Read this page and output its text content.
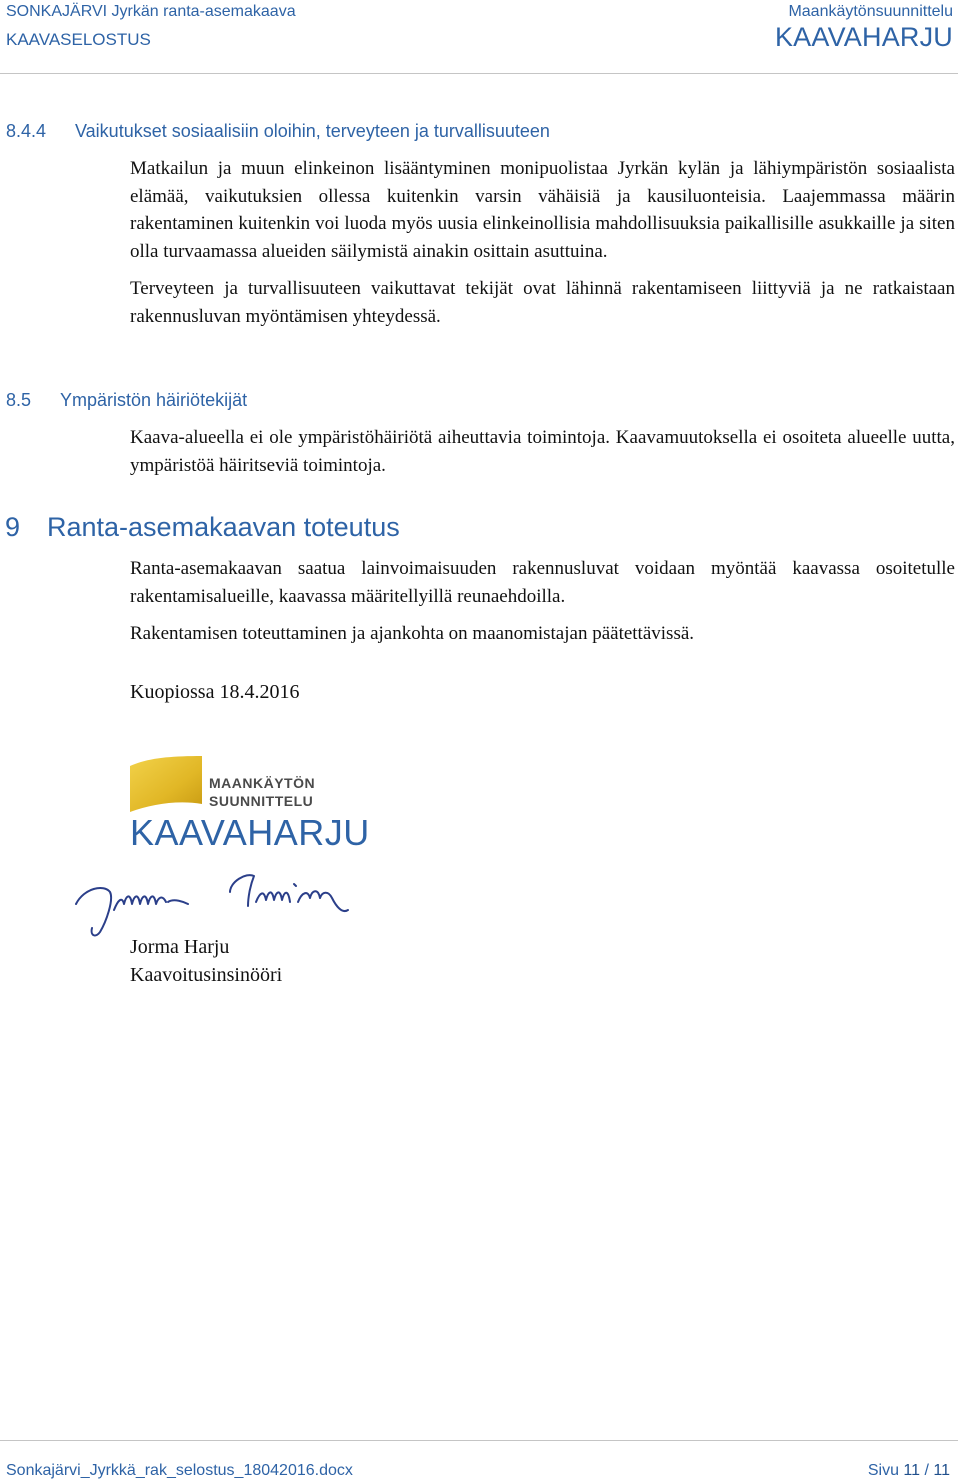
SONKAJÄRVI Jyrkän ranta-asemakaava
KAAVASELOSTUS
Maankäytönsuunnittelu
KAAVAHARJU
8.4.4 Vaikutukset sosiaalisiin oloihin, terveyteen ja turvallisuuteen

Matkailun ja muun elinkeinon lisääntyminen monipuolistaa Jyrkän kylän ja lähiympäristön sosiaalista elämää, vaikutuksien ollessa kuitenkin varsin vähäisiä ja kausiluonteisia. Laajemmassa määrin rakentaminen kuitenkin voi luoda myös uusia elinkeinollisia mahdollisuuksia paikallisille asukkaille ja siten olla turvaamassa alueiden säilymistä ainakin osittain asuttuina.

Terveyteen ja turvallisuuteen vaikuttavat tekijät ovat lähinnä rakentamiseen liittyviä ja ne ratkaistaan rakennusluvan myöntämisen yhteydessä.

8.5 Ympäristön häiriötekijät

Kaava-alueella ei ole ympäristöhäiriötä aiheuttavia toimintoja. Kaavamuutoksella ei osoiteta alueelle uutta, ympäristöä häiritseviä toimintoja.

9 Ranta-asemakaavan toteutus

Ranta-asemakaavan saatua lainvoimaisuuden rakennusluvat voidaan myöntää kaavassa osoitetulle rakentamisalueille, kaavassa määritellyillä reunaehdoilla.

Rakentamisen toteuttaminen ja ajankohta on maanomistajan päätettävissä.

Kuopiossa 18.4.2016
MAANKÄYTÖN
SUUNNITTELU
KAAVAHARJU
Jorma Harju
Kaavoitusinsinööri
Sonkajärvi_Jyrkkä_rak_selostus_18042016.docx	Sivu 11 / 11
